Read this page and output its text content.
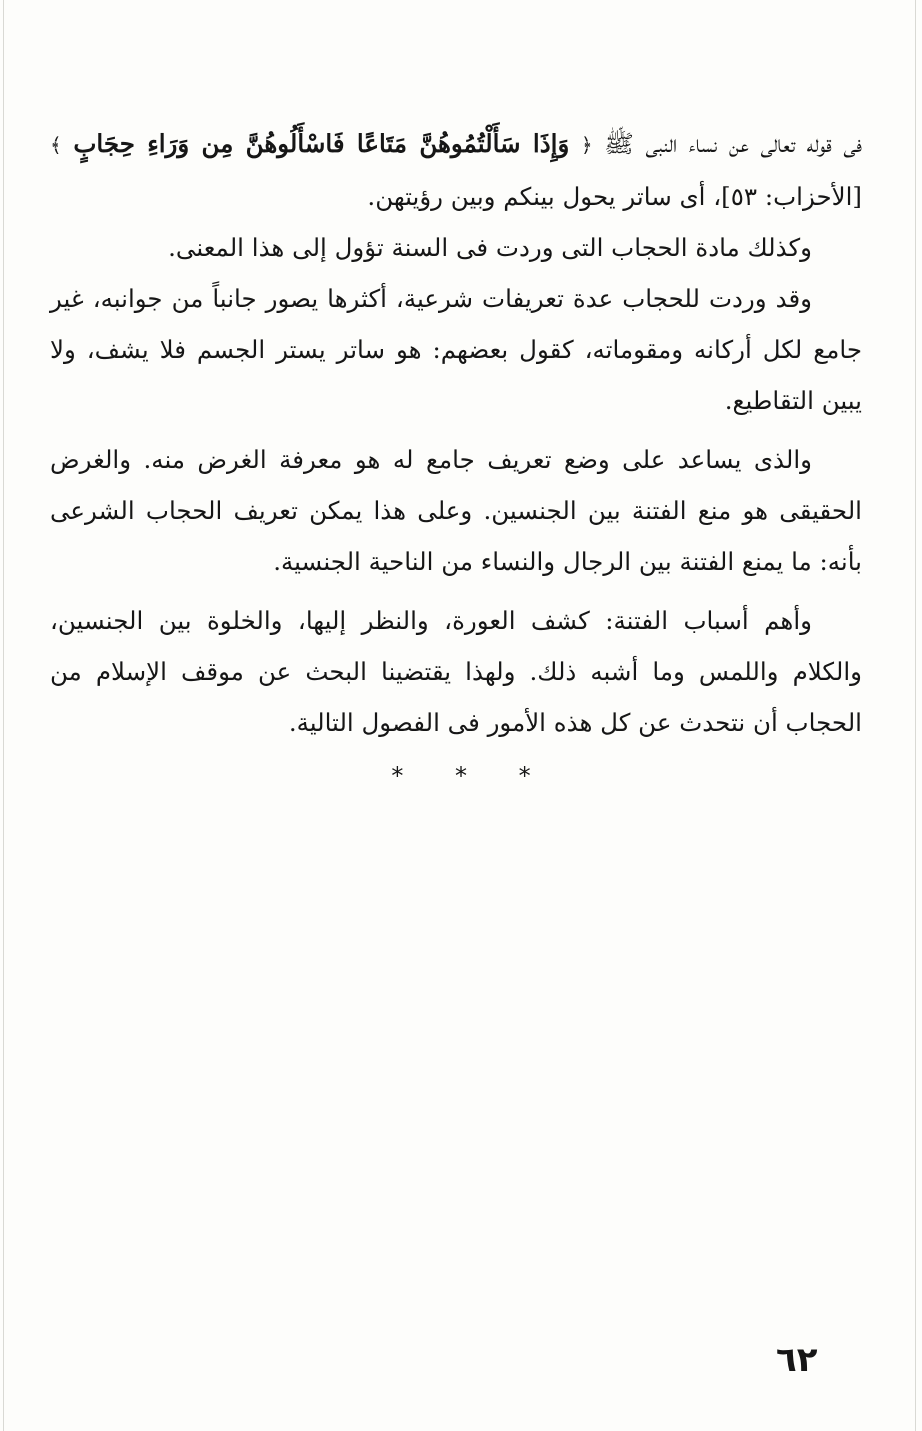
فى قوله تعالى عن نساء النبى ﷺ ﴿ وَإِذَا سَأَلْتُمُوهُنَّ مَتَاعًا فَاسْأَلُوهُنَّ مِن وَرَاءِ حِجَابٍ ﴾ [الأحزاب: ٥٣]، أى ساتر يحول بينكم وبين رؤيتهن.

وكذلك مادة الحجاب التى وردت فى السنة تؤول إلى هذا المعنى.

وقد وردت للحجاب عدة تعريفات شرعية، أكثرها يصور جانباً من جوانبه، غير جامع لكل أركانه ومقوماته، كقول بعضهم: هو ساتر يستر الجسم فلا يشف، ولا يبين التقاطيع.

والذى يساعد على وضع تعريف جامع له هو معرفة الغرض منه. والغرض الحقيقى هو منع الفتنة بين الجنسين. وعلى هذا يمكن تعريف الحجاب الشرعى بأنه: ما يمنع الفتنة بين الرجال والنساء من الناحية الجنسية.

وأهم أسباب الفتنة: كشف العورة، والنظر إليها، والخلوة بين الجنسين، والكلام واللمس وما أشبه ذلك. ولهذا يقتضينا البحث عن موقف الإسلام من الحجاب أن نتحدث عن كل هذه الأمور فى الفصول التالية.

* * *
٦٢
